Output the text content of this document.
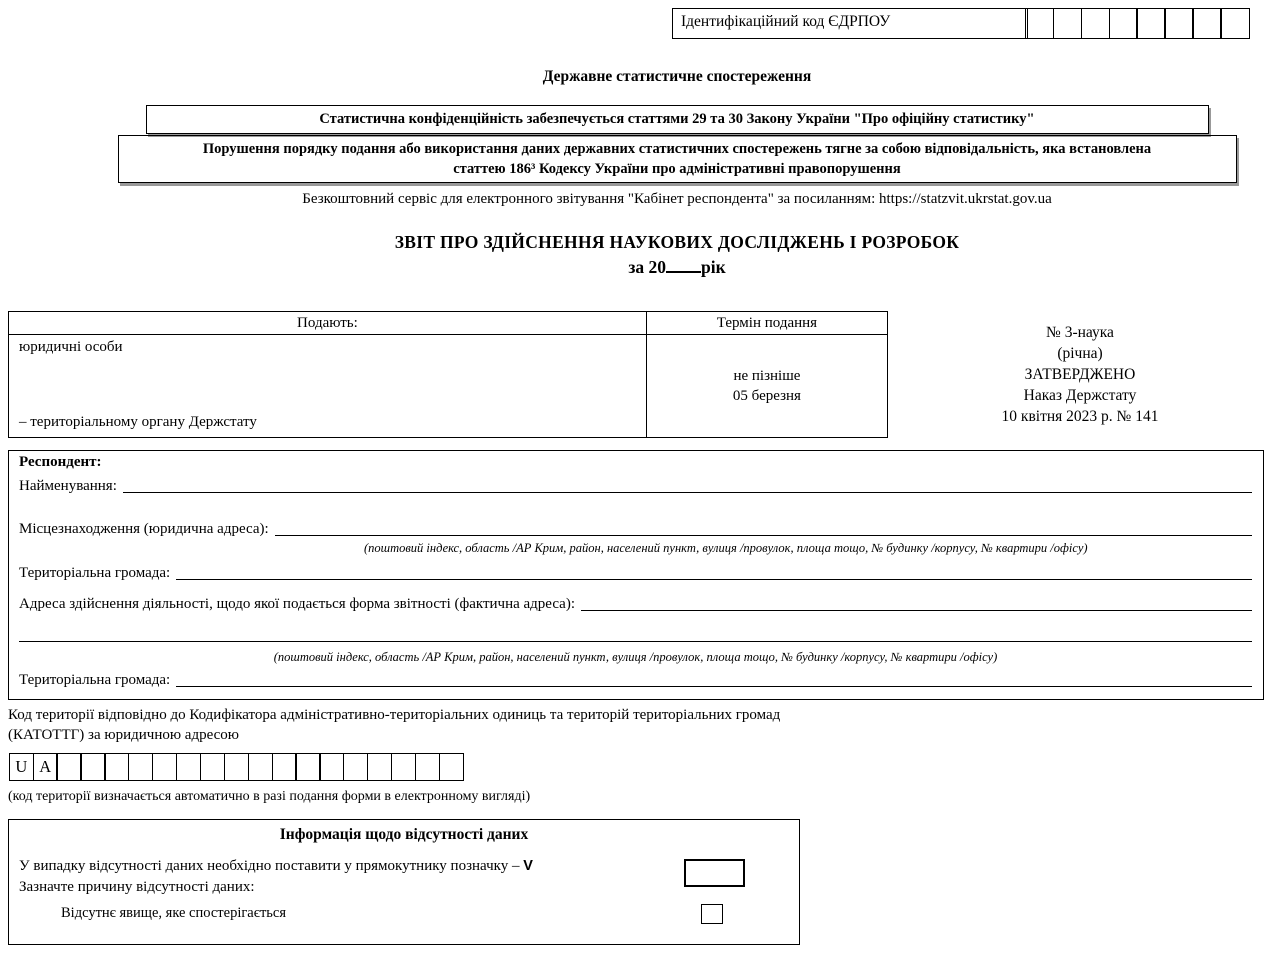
Ідентифікаційний код ЄДРПОУ
Державне статистичне спостереження
Статистична конфіденційність забезпечується статтями 29 та 30 Закону України "Про офіційну статистику"
Порушення порядку подання або використання даних державних статистичних спостережень тягне за собою відповідальність, яка встановлена
статтею 186³ Кодексу України про адміністративні правопорушення
Безкоштовний сервіс для електронного звітування "Кабінет респондента" за посиланням: https://statzvit.ukrstat.gov.ua
ЗВІТ ПРО ЗДІЙСНЕННЯ НАУКОВИХ ДОСЛІДЖЕНЬ І РОЗРОБОК
за 20 рік
Подають:	Термін подання

юридичні особи
– територіальному органу Держстату

не пізніше
05 березня
№ 3-наука
(річна)
ЗАТВЕРДЖЕНО
Наказ Держстату
10 квітня 2023 р. № 141
Респондент:
Найменування:
Місцезнаходження (юридична адреса):
(поштовий індекс, область /АР Крим, район, населений пункт, вулиця /провулок, площа тощо, № будинку /корпусу, № квартири /офісу)
Територіальна громада:
Адреса здійснення діяльності, щодо якої подається форма звітності (фактична адреса):
(поштовий індекс, область /АР Крим, район, населений пункт, вулиця /провулок, площа тощо, № будинку /корпусу, № квартири /офісу)
Територіальна громада:
Код території відповідно до Кодифікатора адміністративно-територіальних одиниць та територій територіальних громад (КАТОТТГ) за юридичною адресою
U A
(код території визначається автоматично в разі подання форми в електронному вигляді)
Інформація щодо відсутності даних
У випадку відсутності даних необхідно поставити у прямокутнику позначку – V
Зазначте причину відсутності даних:
Відсутнє явище, яке спостерігається
